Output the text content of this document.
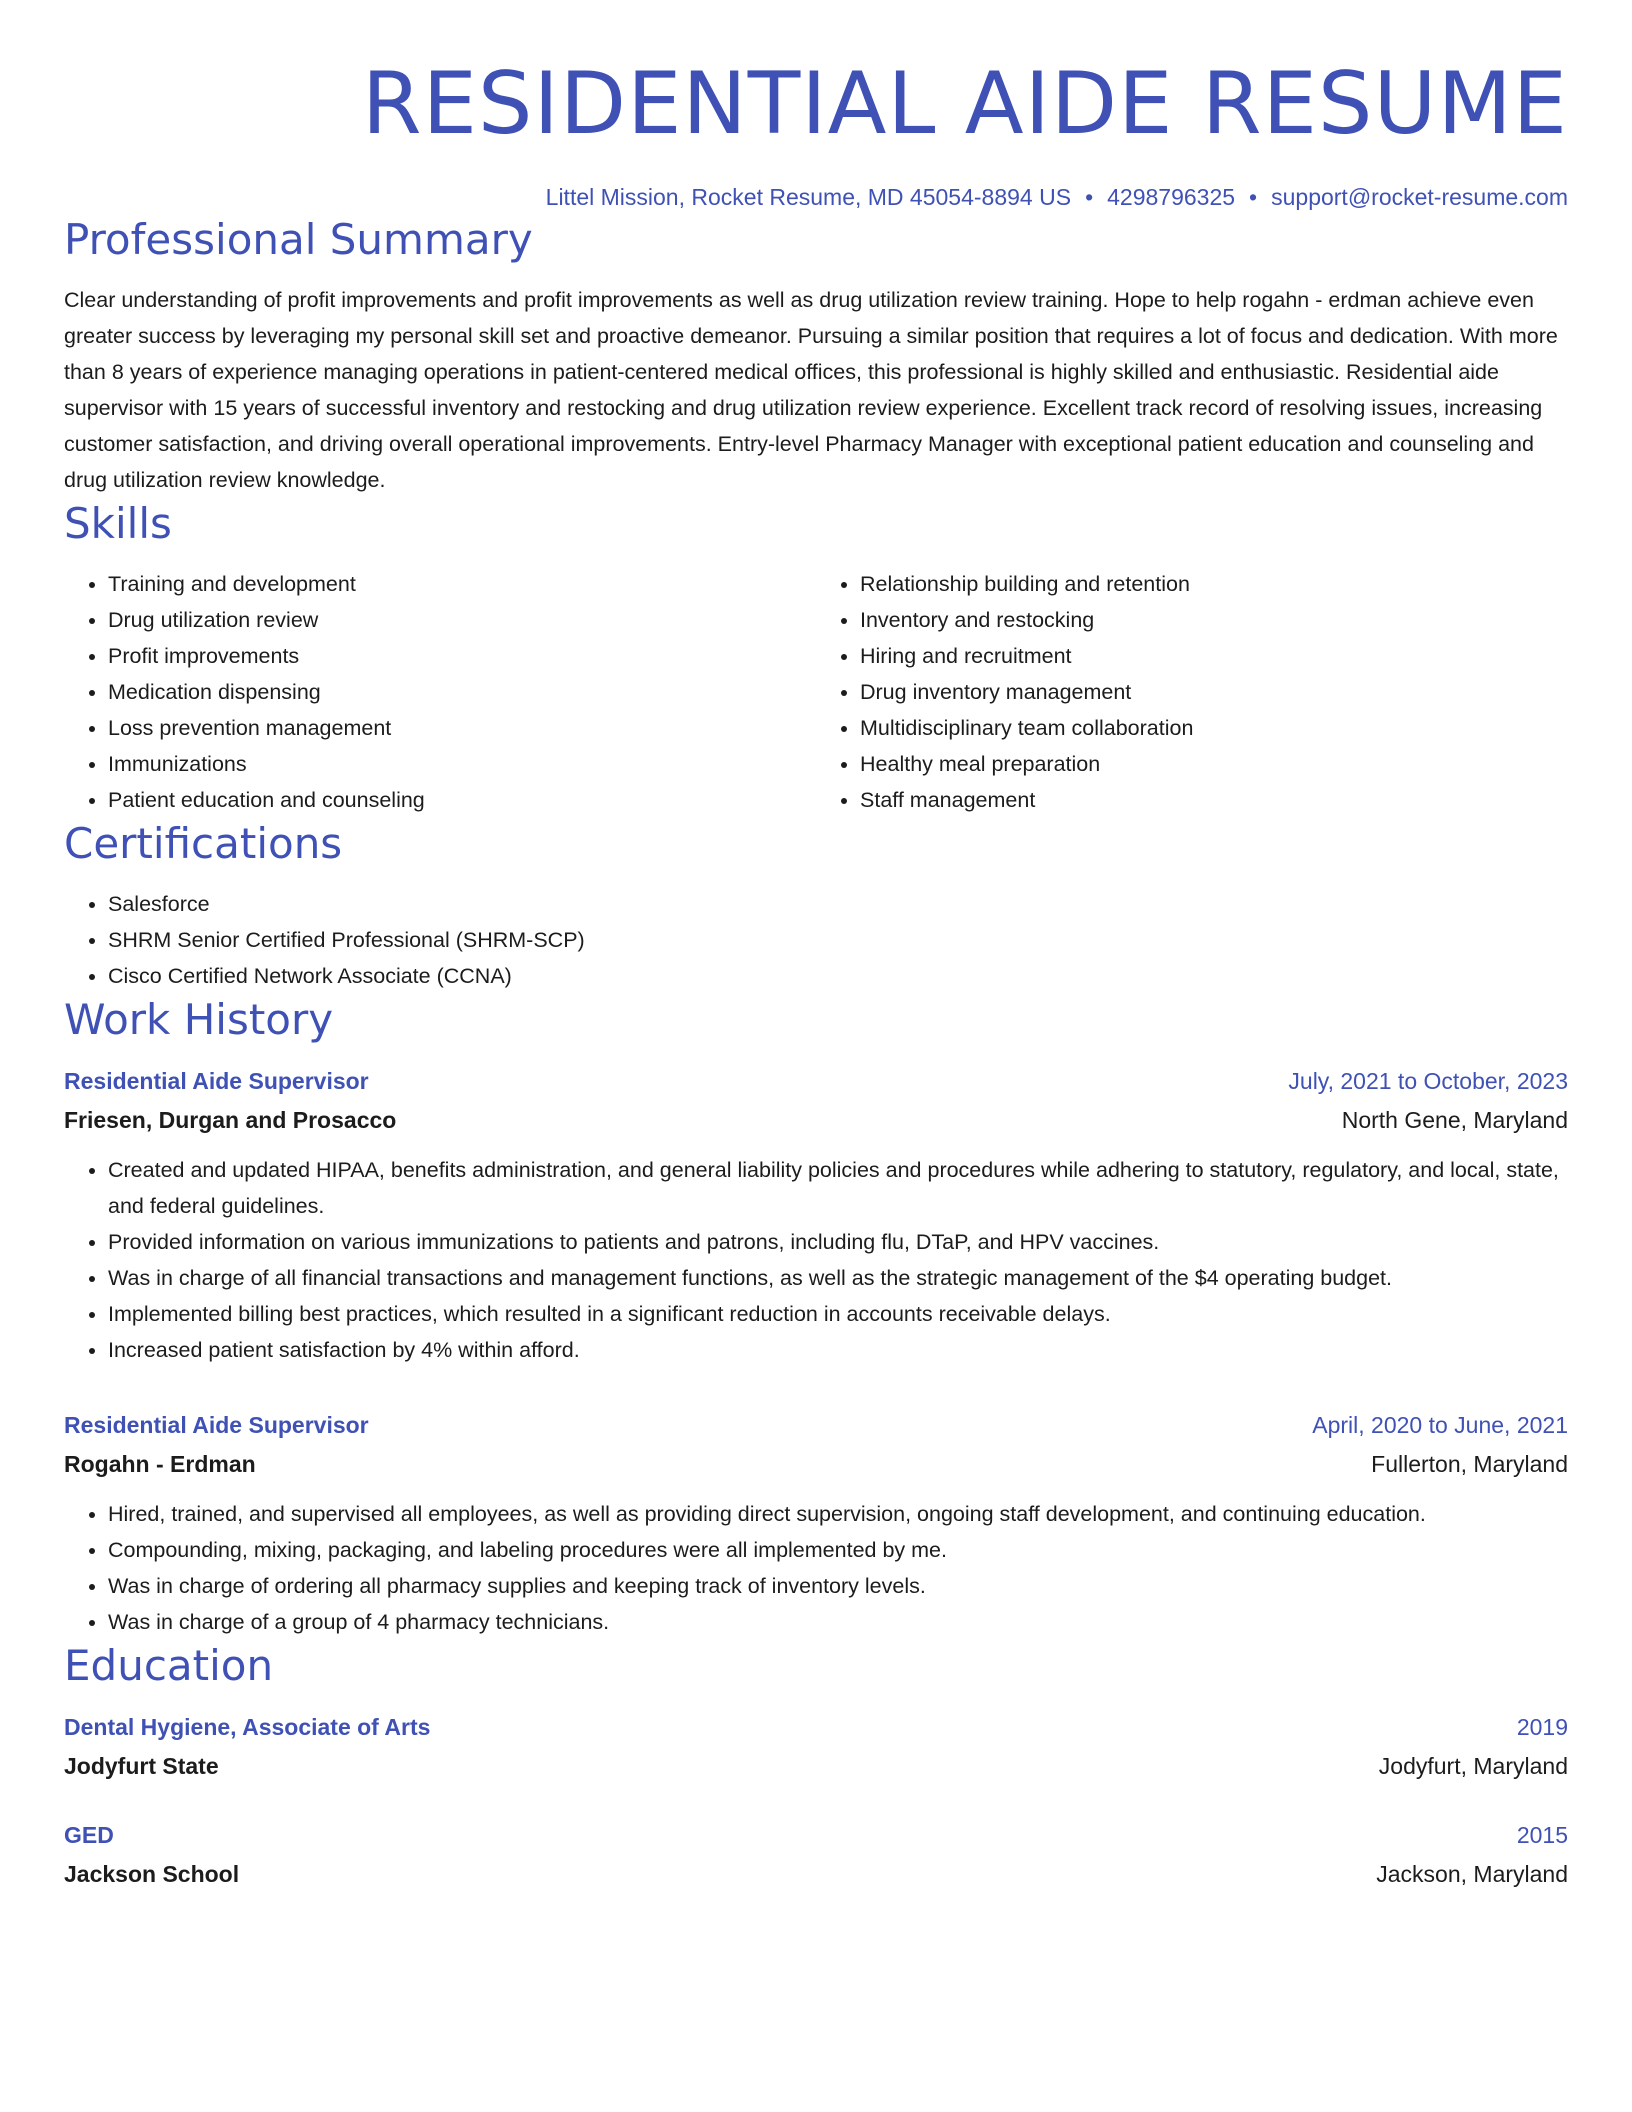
RESIDENTIAL AIDE RESUME
Littel Mission, Rocket Resume, MD 45054-8894 US • 4298796325 • support@rocket-resume.com
Professional Summary

Clear understanding of profit improvements and profit improvements as well as drug utilization review training. Hope to help rogahn - erdman achieve even greater success by leveraging my personal skill set and proactive demeanor. Pursuing a similar position that requires a lot of focus and dedication. With more than 8 years of experience managing operations in patient-centered medical offices, this professional is highly skilled and enthusiastic. Residential aide supervisor with 15 years of successful inventory and restocking and drug utilization review experience. Excellent track record of resolving issues, increasing customer satisfaction, and driving overall operational improvements. Entry-level Pharmacy Manager with exceptional patient education and counseling and drug utilization review knowledge.

Skills
• Training and development
• Drug utilization review
• Profit improvements
• Medication dispensing
• Loss prevention management
• Immunizations
• Patient education and counseling
• Relationship building and retention
• Inventory and restocking
• Hiring and recruitment
• Drug inventory management
• Multidisciplinary team collaboration
• Healthy meal preparation
• Staff management
Certifications
• Salesforce
• SHRM Senior Certified Professional (SHRM-SCP)
• Cisco Certified Network Associate (CCNA)
Work History
Residential Aide Supervisor	July, 2021 to October, 2023
Friesen, Durgan and Prosacco	North Gene, Maryland
• Created and updated HIPAA, benefits administration, and general liability policies and procedures while adhering to statutory, regulatory, and local, state, and federal guidelines.
• Provided information on various immunizations to patients and patrons, including flu, DTaP, and HPV vaccines.
• Was in charge of all financial transactions and management functions, as well as the strategic management of the $4 operating budget.
• Implemented billing best practices, which resulted in a significant reduction in accounts receivable delays.
• Increased patient satisfaction by 4% within afford.
Residential Aide Supervisor	April, 2020 to June, 2021
Rogahn - Erdman	Fullerton, Maryland
• Hired, trained, and supervised all employees, as well as providing direct supervision, ongoing staff development, and continuing education.
• Compounding, mixing, packaging, and labeling procedures were all implemented by me.
• Was in charge of ordering all pharmacy supplies and keeping track of inventory levels.
• Was in charge of a group of 4 pharmacy technicians.
Education
Dental Hygiene, Associate of Arts	2019
Jodyfurt State	Jodyfurt, Maryland
GED	2015
Jackson School	Jackson, Maryland
